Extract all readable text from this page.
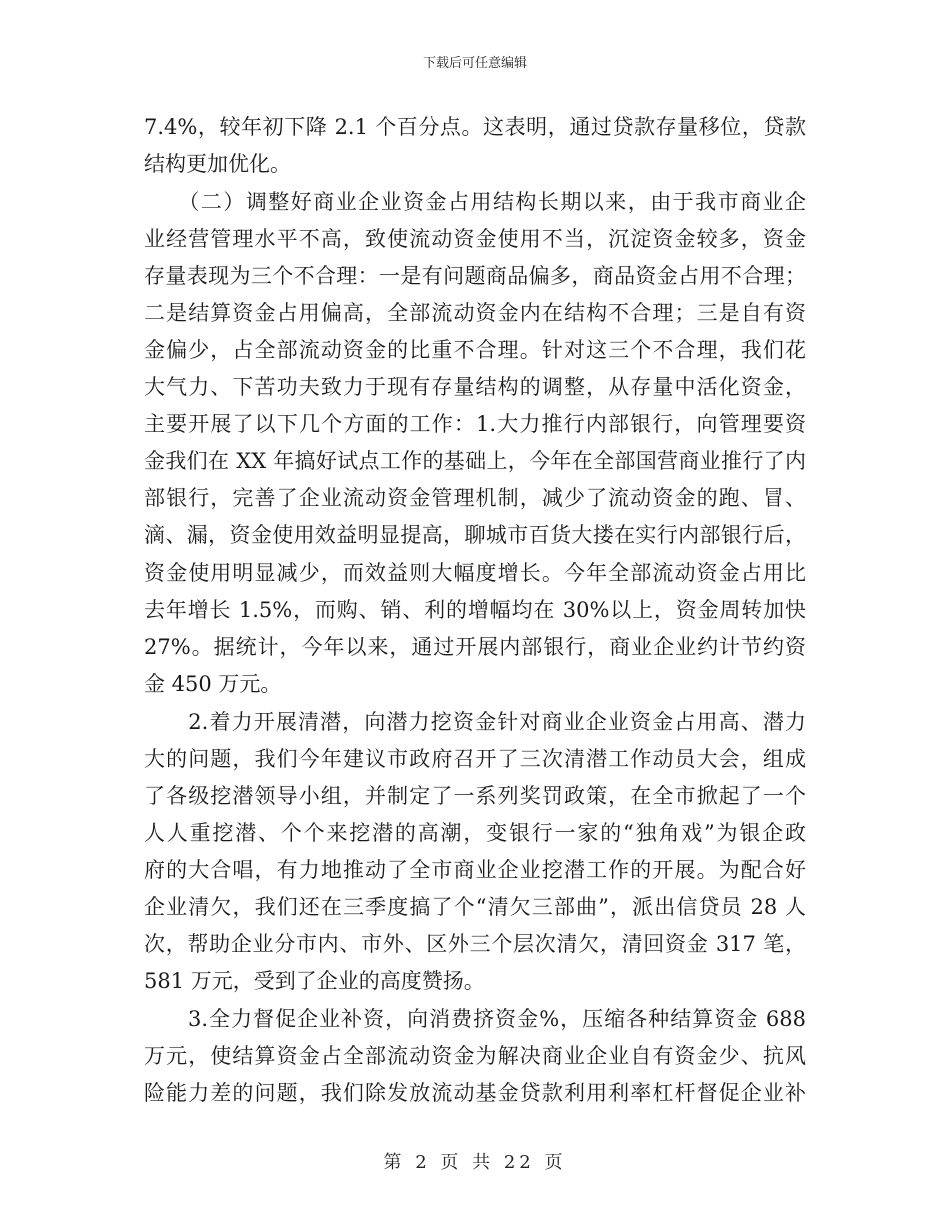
下载后可任意编辑
7.4%，较年初下降 2.1 个百分点。这表明，通过贷款存量移位，贷款
结构更加优化。
　　（二）调整好商业企业资金占用结构长期以来，由于我市商业企
业经营管理水平不高，致使流动资金使用不当，沉淀资金较多，资金
存量表现为三个不合理：一是有问题商品偏多，商品资金占用不合理；
二是结算资金占用偏高，全部流动资金内在结构不合理；三是自有资
金偏少，占全部流动资金的比重不合理。针对这三个不合理，我们花
大气力、下苦功夫致力于现有存量结构的调整，从存量中活化资金，
主要开展了以下几个方面的工作：1.大力推行内部银行，向管理要资
金我们在 XX 年搞好试点工作的基础上，今年在全部国营商业推行了内
部银行，完善了企业流动资金管理机制，减少了流动资金的跑、冒、
滴、漏，资金使用效益明显提高，聊城市百货大搂在实行内部银行后，
资金使用明显减少，而效益则大幅度增长。今年全部流动资金占用比
去年增长 1.5%，而购、销、利的增幅均在 30%以上，资金周转加快
27%。据统计，今年以来，通过开展内部银行，商业企业约计节约资
金 450 万元。
　　2.着力开展清潜，向潜力挖资金针对商业企业资金占用高、潜力
大的问题，我们今年建议市政府召开了三次清潜工作动员大会，组成
了各级挖潜领导小组，并制定了一系列奖罚政策，在全市掀起了一个
人人重挖潜、个个来挖潜的高潮，变银行一家的“独角戏”为银企政
府的大合唱，有力地推动了全市商业企业挖潜工作的开展。为配合好
企业清欠，我们还在三季度搞了个“清欠三部曲”，派出信贷员 28 人
次，帮助企业分市内、市外、区外三个层次清欠，清回资金 317 笔，
581 万元，受到了企业的高度赞扬。
　　3.全力督促企业补资，向消费挤资金%，压缩各种结算资金 688
万元，使结算资金占全部流动资金为解决商业企业自有资金少、抗风
险能力差的问题，我们除发放流动基金贷款利用利率杠杆督促企业补
第 2 页 共 22 页
